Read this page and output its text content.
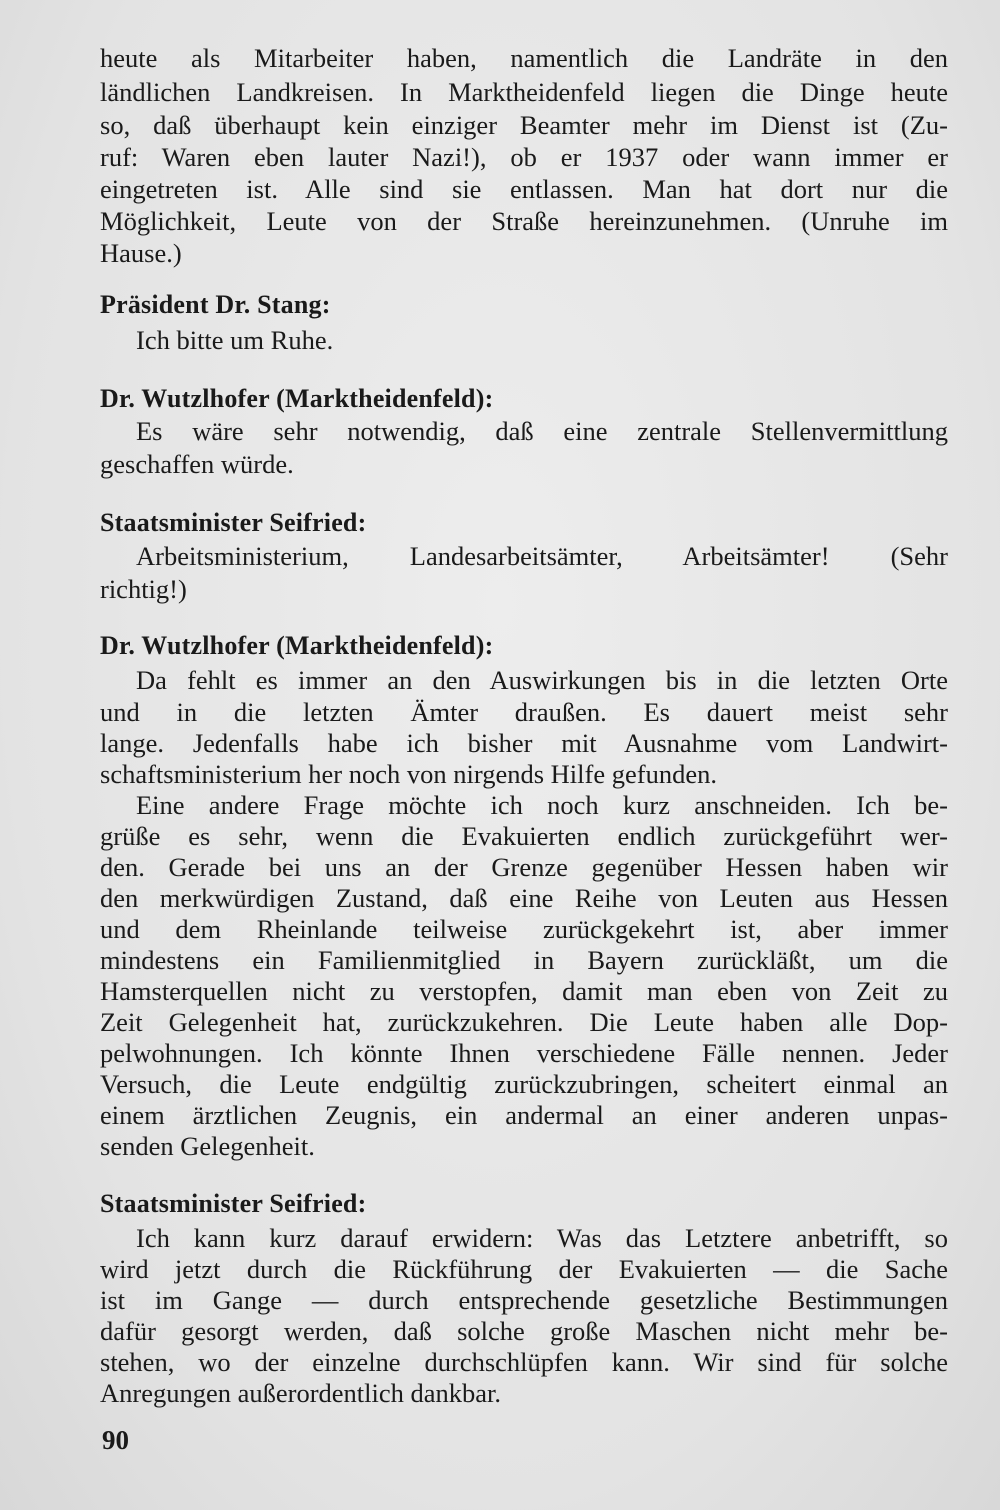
heute als Mitarbeiter haben, namentlich die Landräte in den
ländlichen Landkreisen. In Marktheidenfeld liegen die Dinge heute
so, daß überhaupt kein einziger Beamter mehr im Dienst ist (Zu-
ruf: Waren eben lauter Nazi!), ob er 1937 oder wann immer er
eingetreten ist. Alle sind sie entlassen. Man hat dort nur die
Möglichkeit, Leute von der Straße hereinzunehmen. (Unruhe im
Hause.)
Präsident Dr. Stang:
Ich bitte um Ruhe.
Dr. Wutzlhofer (Marktheidenfeld):
Es wäre sehr notwendig, daß eine zentrale Stellenvermittlung
geschaffen würde.
Staatsminister Seifried:
Arbeitsministerium, Landesarbeitsämter, Arbeitsämter! (Sehr
richtig!)
Dr. Wutzlhofer (Marktheidenfeld):
Da fehlt es immer an den Auswirkungen bis in die letzten Orte
und in die letzten Ämter draußen. Es dauert meist sehr
lange. Jedenfalls habe ich bisher mit Ausnahme vom Landwirt-
schaftsministerium her noch von nirgends Hilfe gefunden.
Eine andere Frage möchte ich noch kurz anschneiden. Ich be-
grüße es sehr, wenn die Evakuierten endlich zurückgeführt wer-
den. Gerade bei uns an der Grenze gegenüber Hessen haben wir
den merkwürdigen Zustand, daß eine Reihe von Leuten aus Hessen
und dem Rheinlande teilweise zurückgekehrt ist, aber immer
mindestens ein Familienmitglied in Bayern zurückläßt, um die
Hamsterquellen nicht zu verstopfen, damit man eben von Zeit zu
Zeit Gelegenheit hat, zurückzukehren. Die Leute haben alle Dop-
pelwohnungen. Ich könnte Ihnen verschiedene Fälle nennen. Jeder
Versuch, die Leute endgültig zurückzubringen, scheitert einmal an
einem ärztlichen Zeugnis, ein andermal an einer anderen unpas-
senden Gelegenheit.
Staatsminister Seifried:
Ich kann kurz darauf erwidern: Was das Letztere anbetrifft, so
wird jetzt durch die Rückführung der Evakuierten — die Sache
ist im Gange — durch entsprechende gesetzliche Bestimmungen
dafür gesorgt werden, daß solche große Maschen nicht mehr be-
stehen, wo der einzelne durchschlüpfen kann. Wir sind für solche
Anregungen außerordentlich dankbar.
90
